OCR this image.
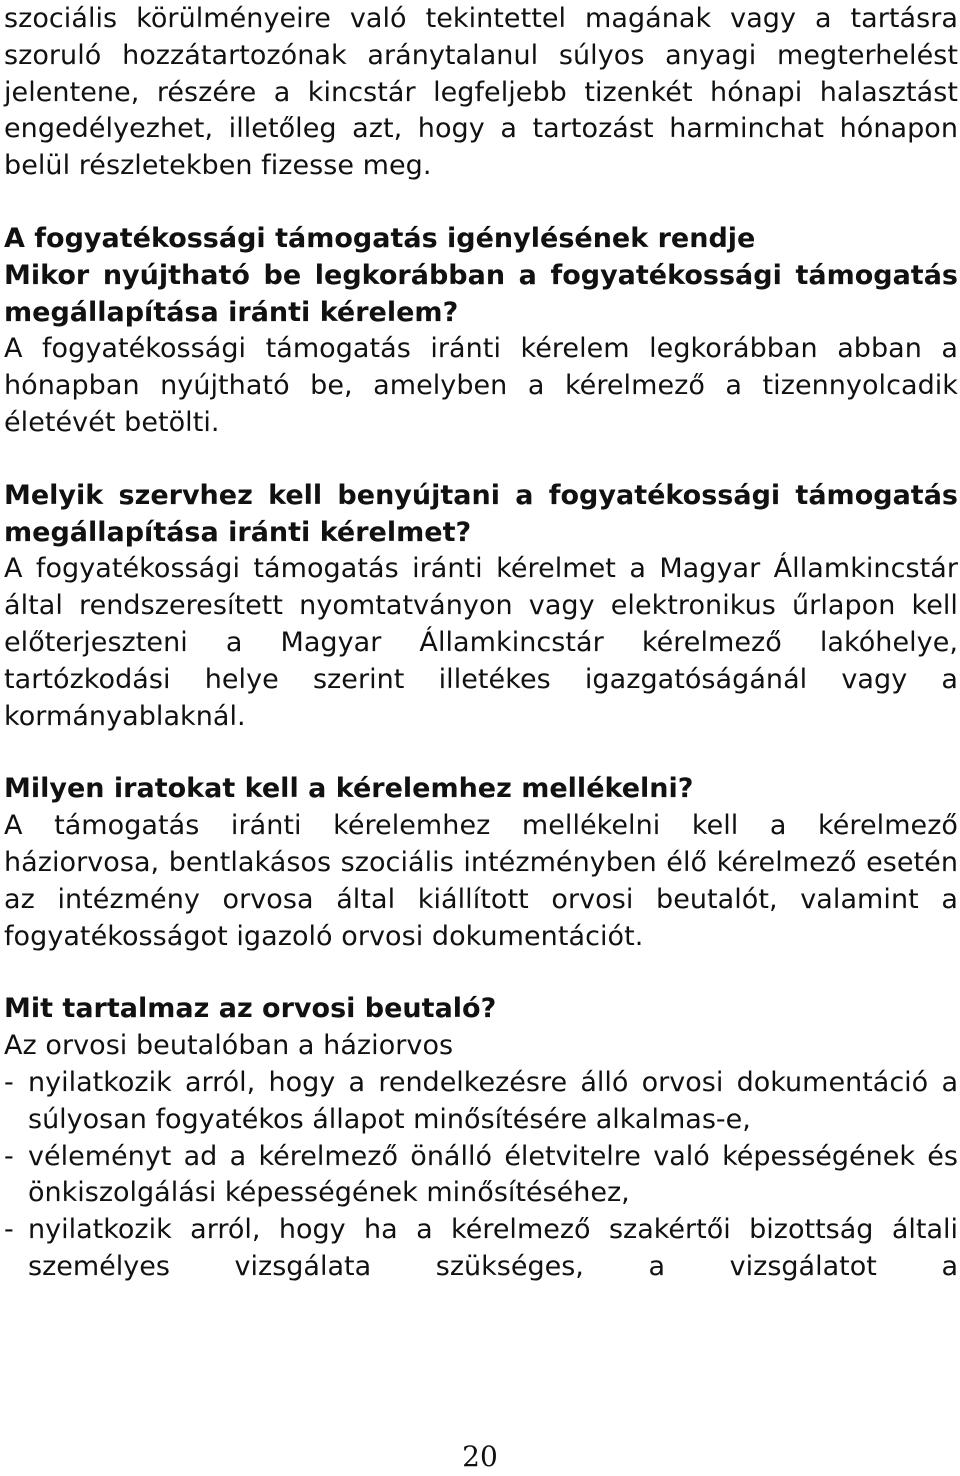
szociális körülményeire való tekintettel magának vagy a tartásra szoruló hozzátartozónak aránytalanul súlyos anyagi megterhelést jelentene, részére a kincstár legfeljebb tizenkét hónapi halasztást engedélyezhet, illetőleg azt, hogy a tartozást harminchat hónapon belül részletekben fizesse meg.

A fogyatékossági támogatás igénylésének rendje

Mikor nyújtható be legkorábban a fogyatékossági támogatás megállapítása iránti kérelem?

A fogyatékossági támogatás iránti kérelem legkorábban abban a hónapban nyújtható be, amelyben a kérelmező a tizennyolcadik életévét betölti.

Melyik szervhez kell benyújtani a fogyatékossági támogatás megállapítása iránti kérelmet?

A fogyatékossági támogatás iránti kérelmet a Magyar Államkincstár által rendszeresített nyomtatványon vagy elektronikus űrlapon kell előterjeszteni a Magyar Államkincstár kérelmező lakóhelye, tartózkodási helye szerint illetékes igazgatóságánál vagy a kormányablaknál.

Milyen iratokat kell a kérelemhez mellékelni?

A támogatás iránti kérelemhez mellékelni kell a kérelmező háziorvosa, bentlakásos szociális intézményben élő kérelmező esetén az intézmény orvosa által kiállított orvosi beutalót, valamint a fogyatékosságot igazoló orvosi dokumentációt.

Mit tartalmaz az orvosi beutaló?

Az orvosi beutalóban a háziorvos

- nyilatkozik arról, hogy a rendelkezésre álló orvosi dokumentáció a súlyosan fogyatékos állapot minősítésére alkalmas-e,
- véleményt ad a kérelmező önálló életvitelre való képességének és önkiszolgálási képességének minősítéséhez,
- nyilatkozik arról, hogy ha a kérelmező szakértői bizottság általi személyes vizsgálata szükséges, a vizsgálatot a
20
